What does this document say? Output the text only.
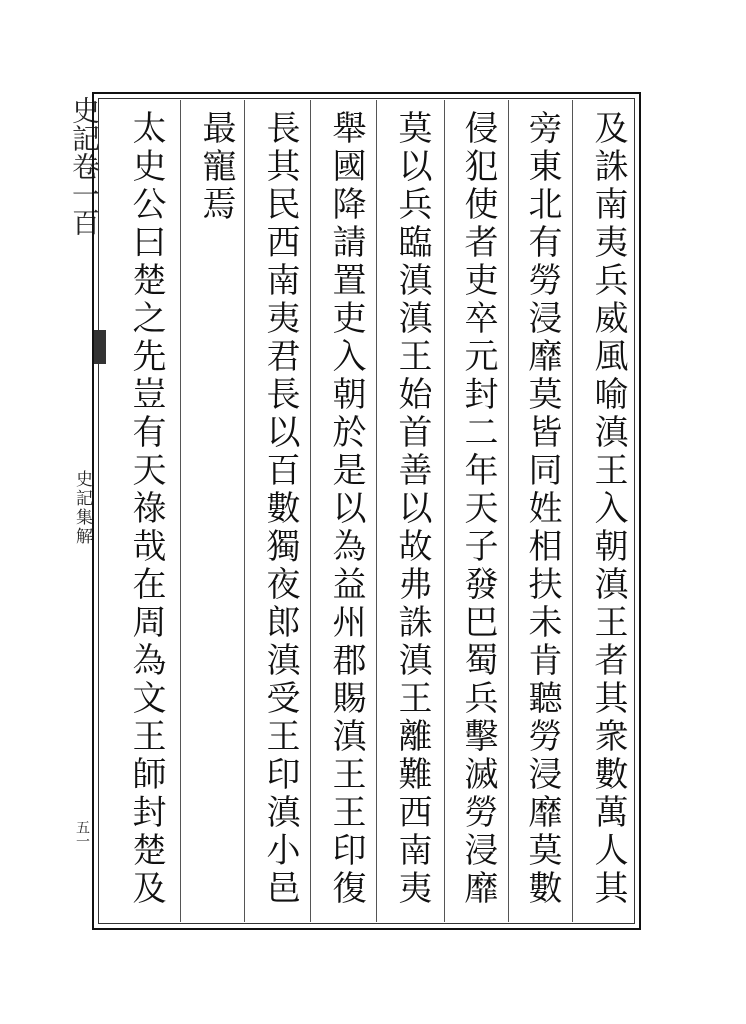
史記卷一百
史記集解
五一	及誅南夷兵威風喻滇王入朝滇王者其衆數萬人其
旁東北有勞浸靡莫皆同姓相扶未肯聽勞浸靡莫數
侵犯使者吏卒元封二年天子發巴蜀兵擊滅勞浸靡
莫以兵臨滇滇王始首善以故弗誅滇王離難西南夷
舉國降請置吏入朝於是以為益州郡賜滇王王印復
長其民西南夷君長以百數獨夜郎滇受王印滇小邑
最寵焉
太史公曰楚之先豈有天祿哉在周為文王師封楚及
